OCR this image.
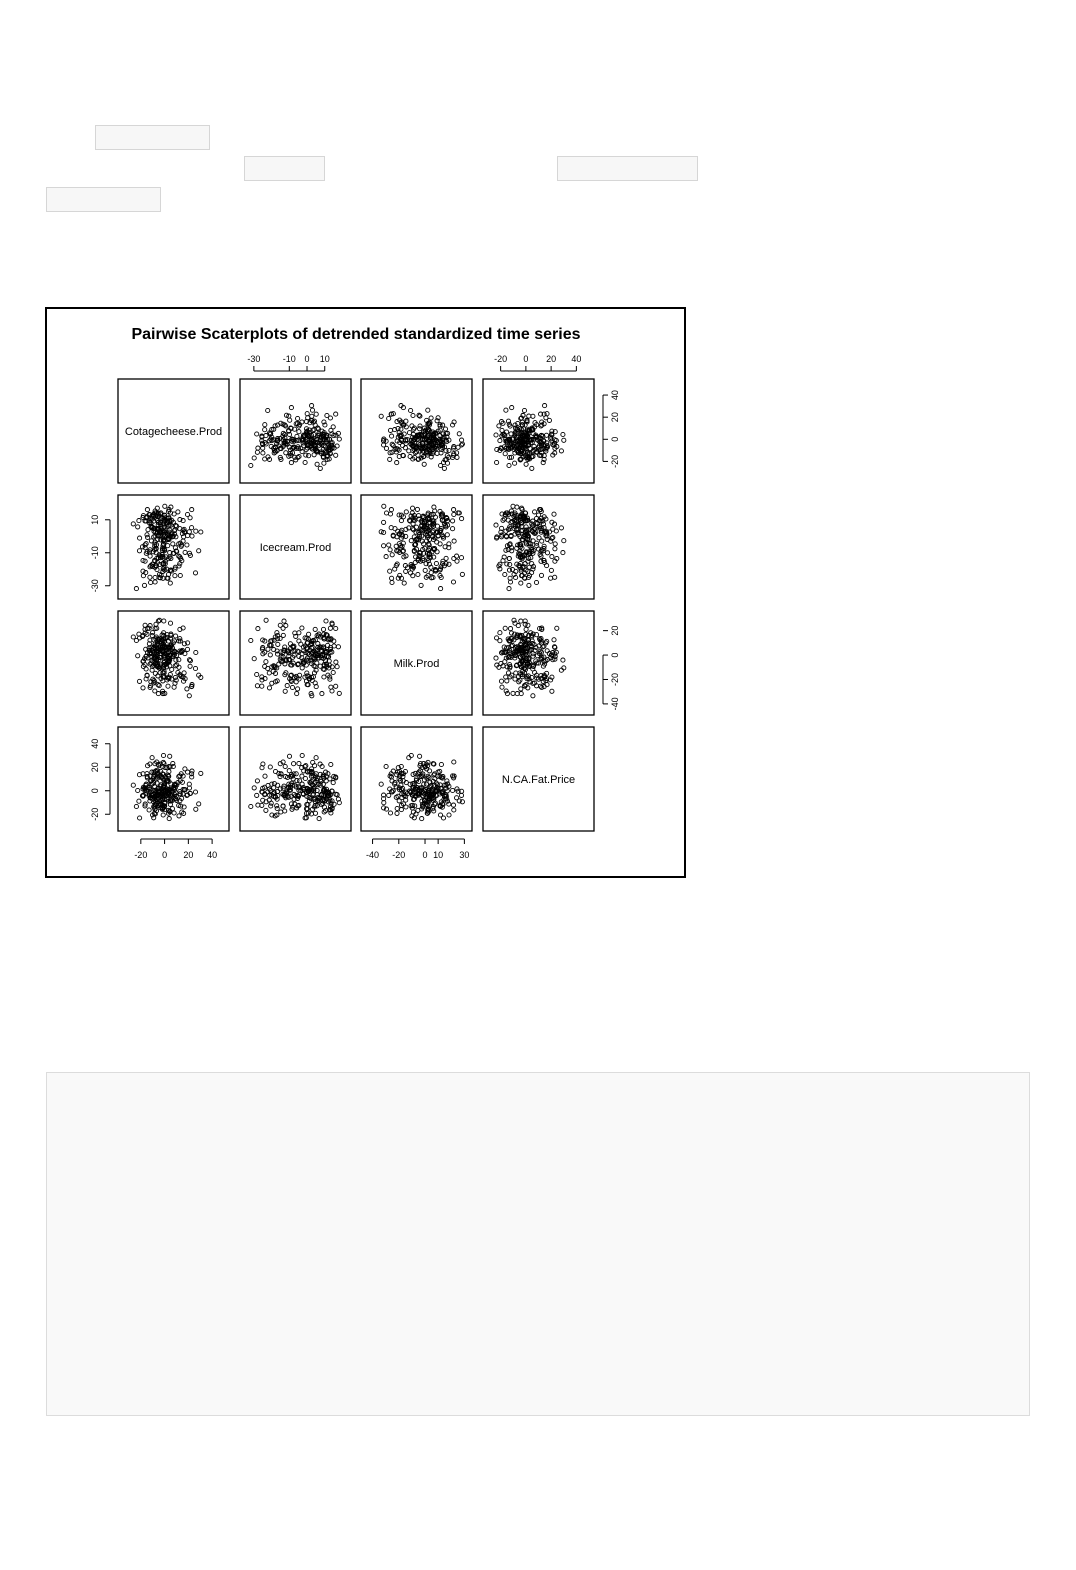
Pairwise Scaterplots of detrended standardized time series
Cotagecheese.Prod
Icecream.Prod
Milk.Prod
N.CA.Fat.Price
-30 -10 0 10	-20 0 20 40
-20 0 20 40	-40 -20 0 10 30
-30
-10
10
-20
0
20
40
-20
0
20
40
-40
-20
0
20
